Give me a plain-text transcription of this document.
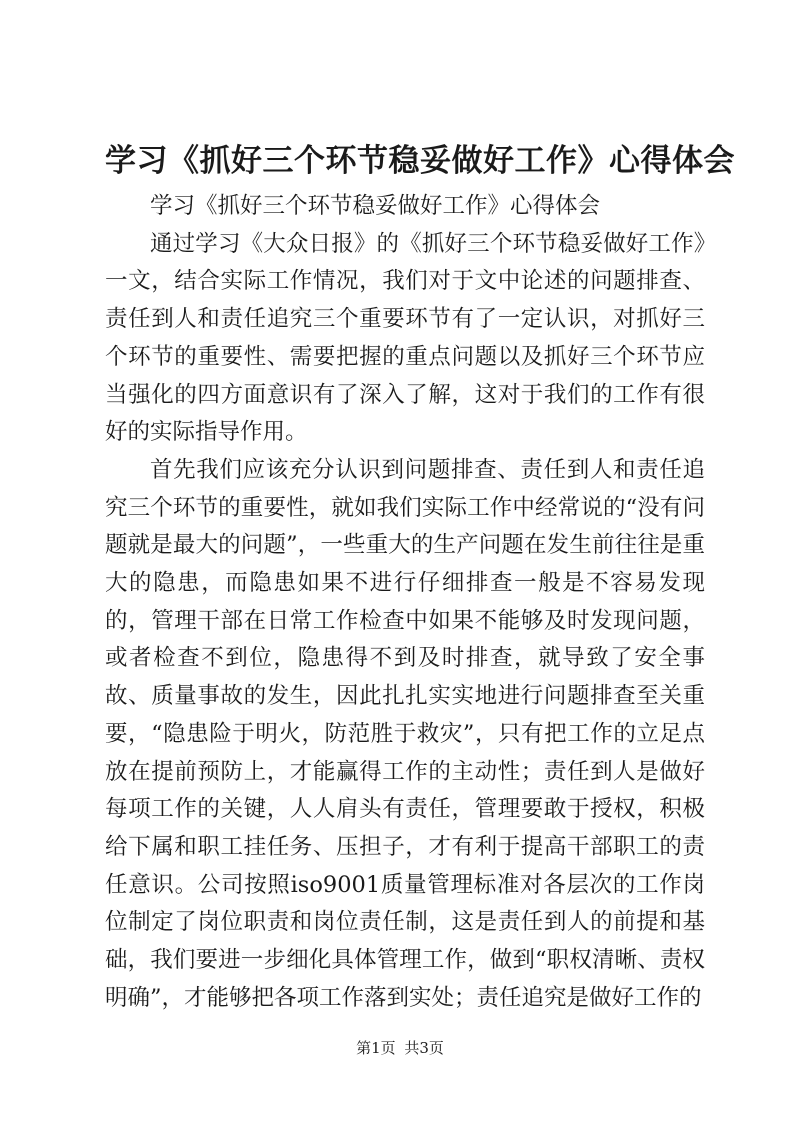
学习《抓好三个环节稳妥做好工作》心得体会

学习《抓好三个环节稳妥做好工作》心得体会

通过学习《大众日报》的《抓好三个环节稳妥做好工作》一文，结合实际工作情况，我们对于文中论述的问题排查、责任到人和责任追究三个重要环节有了一定认识，对抓好三个环节的重要性、需要把握的重点问题以及抓好三个环节应当强化的四方面意识有了深入了解，这对于我们的工作有很好的实际指导作用。

首先我们应该充分认识到问题排查、责任到人和责任追究三个环节的重要性，就如我们实际工作中经常说的“没有问题就是最大的问题”，一些重大的生产问题在发生前往往是重大的隐患，而隐患如果不进行仔细排查一般是不容易发现的，管理干部在日常工作检查中如果不能够及时发现问题，或者检查不到位，隐患得不到及时排查，就导致了安全事故、质量事故的发生，因此扎扎实实地进行问题排查至关重要，“隐患险于明火，防范胜于救灾”，只有把工作的立足点放在提前预防上，才能赢得工作的主动性；责任到人是做好每项工作的关键，人人肩头有责任，管理要敢于授权，积极给下属和职工挂任务、压担子，才有利于提高干部职工的责任意识。公司按照iso9001质量管理标准对各层次的工作岗位制定了岗位职责和岗位责任制，这是责任到人的前提和基础，我们要进一步细化具体管理工作，做到“职权清晰、责权明确”，才能够把各项工作落到实处；责任追究是做好工作的

第1页 共3页
